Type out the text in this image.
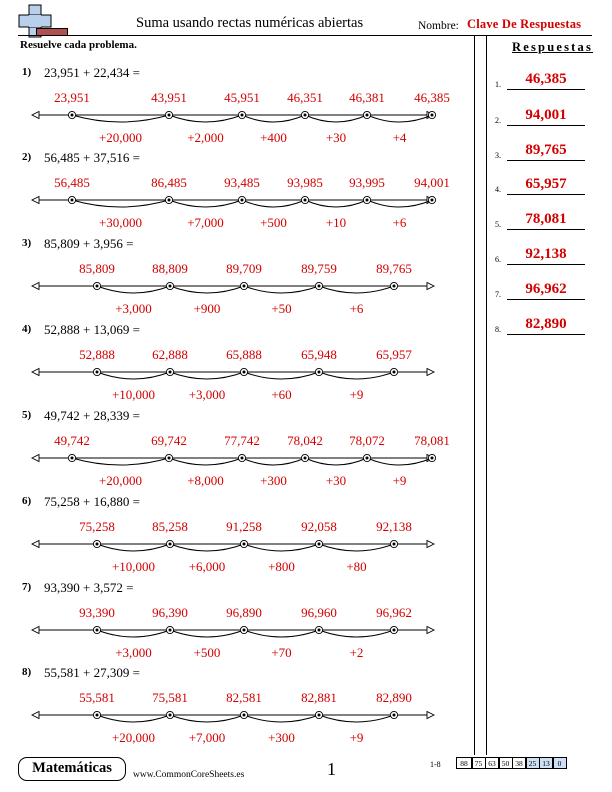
Suma usando rectas numéricas abiertas	Nombre: Clave De Respuestas
Resuelve cada problema.	Respuestas
1.	46,385
2.	94,001
3.	89,765
4.	65,957
5.	78,081
6.	92,138
7.	96,962
8.	82,890
1) 23,951 + 22,434 =
+20,000	+2,000	+400	+30	+4
23,951	43,951	45,951 46,351 46,381 46,385
2) 56,485 + 37,516 =
+30,000	+7,000	+500	+10	+6
56,485	86,485	93,485 93,985 93,995 94,001
3) 85,809 + 3,956 =
+3,000	+900	+50	+6
85,809	88,809	89,709	89,759	89,765
4) 52,888 + 13,069 =
+10,000	+3,000	+60	+9
52,888	62,888	65,888	65,948	65,957
5) 49,742 + 28,339 =
+20,000	+8,000	+300	+30	+9
49,742	69,742	77,742 78,042 78,072 78,081
6) 75,258 + 16,880 =
+10,000	+6,000	+800	+80
75,258	85,258	91,258	92,058	92,138
7) 93,390 + 3,572 =
+3,000	+500	+70	+2
93,390	96,390	96,890	96,960	96,962
8) 55,581 + 27,309 =
+20,000	+7,000	+300	+9
55,581	75,581	82,581	82,881	82,890
Matemáticas	www.CommonCoreSheets.es	1	1-8	88 75 63 50 38 25 13	0
